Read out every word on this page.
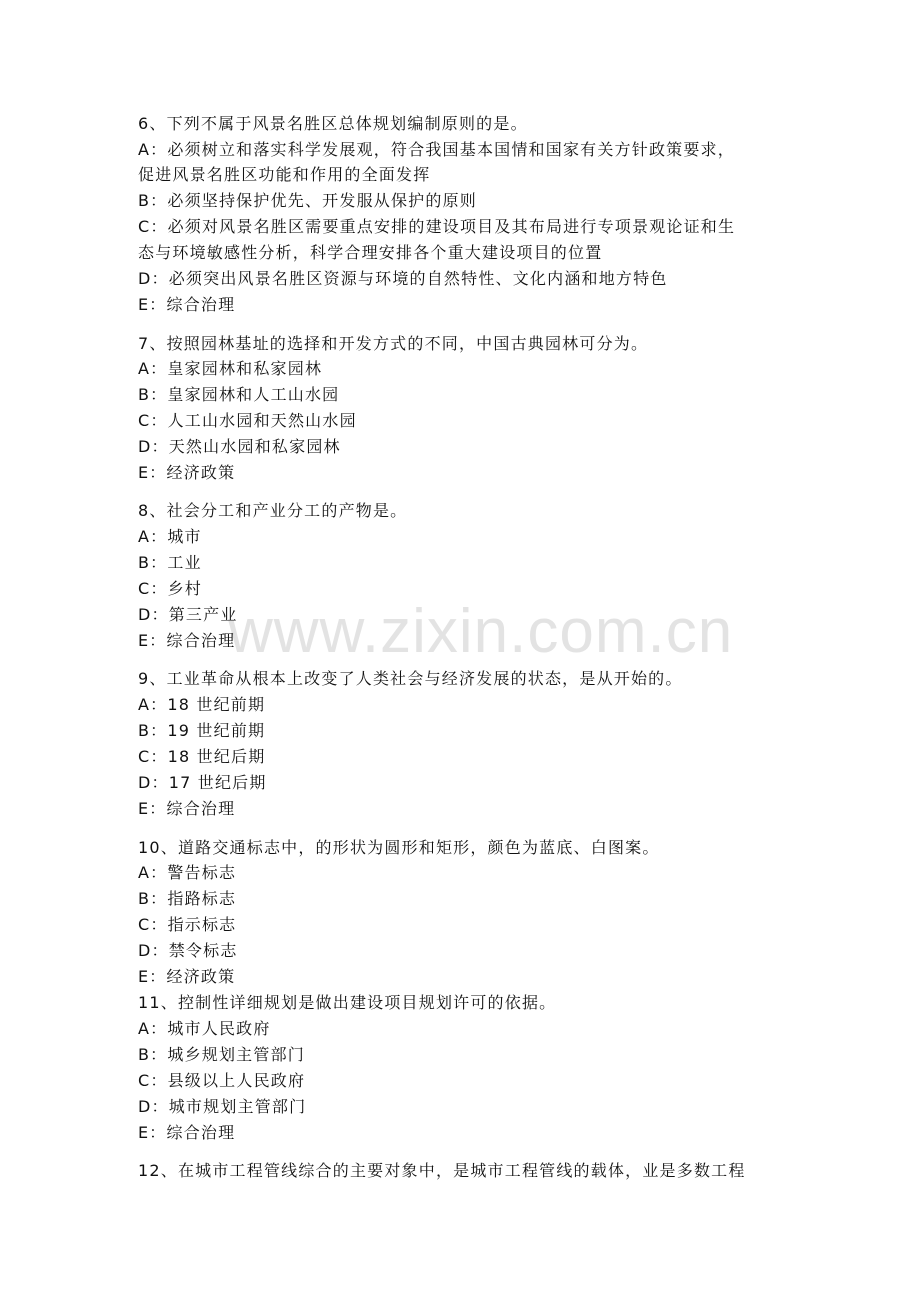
www.zixin.com.cn
6、下列不属于风景名胜区总体规划编制原则的是。
A：必须树立和落实科学发展观，符合我国基本国情和国家有关方针政策要求，
促进风景名胜区功能和作用的全面发挥
B：必须坚持保护优先、开发服从保护的原则
C：必须对风景名胜区需要重点安排的建设项目及其布局进行专项景观论证和生
态与环境敏感性分析，科学合理安排各个重大建设项目的位置
D：必须突出风景名胜区资源与环境的自然特性、文化内涵和地方特色
E：综合治理
7、按照园林基址的选择和开发方式的不同，中国古典园林可分为。
A：皇家园林和私家园林
B：皇家园林和人工山水园
C：人工山水园和天然山水园
D：天然山水园和私家园林
E：经济政策
8、社会分工和产业分工的产物是。
A：城市
B：工业
C：乡村
D：第三产业
E：综合治理
9、工业革命从根本上改变了人类社会与经济发展的状态，是从开始的。
A：18 世纪前期
B：19 世纪前期
C：18 世纪后期
D：17 世纪后期
E：综合治理
10、道路交通标志中，的形状为圆形和矩形，颜色为蓝底、白图案。
A：警告标志
B：指路标志
C：指示标志
D：禁令标志
E：经济政策
11、控制性详细规划是做出建设项目规划许可的依据。
A：城市人民政府
B：城乡规划主管部门
C：县级以上人民政府
D：城市规划主管部门
E：综合治理
12、在城市工程管线综合的主要对象中，是城市工程管线的载体，业是多数工程
